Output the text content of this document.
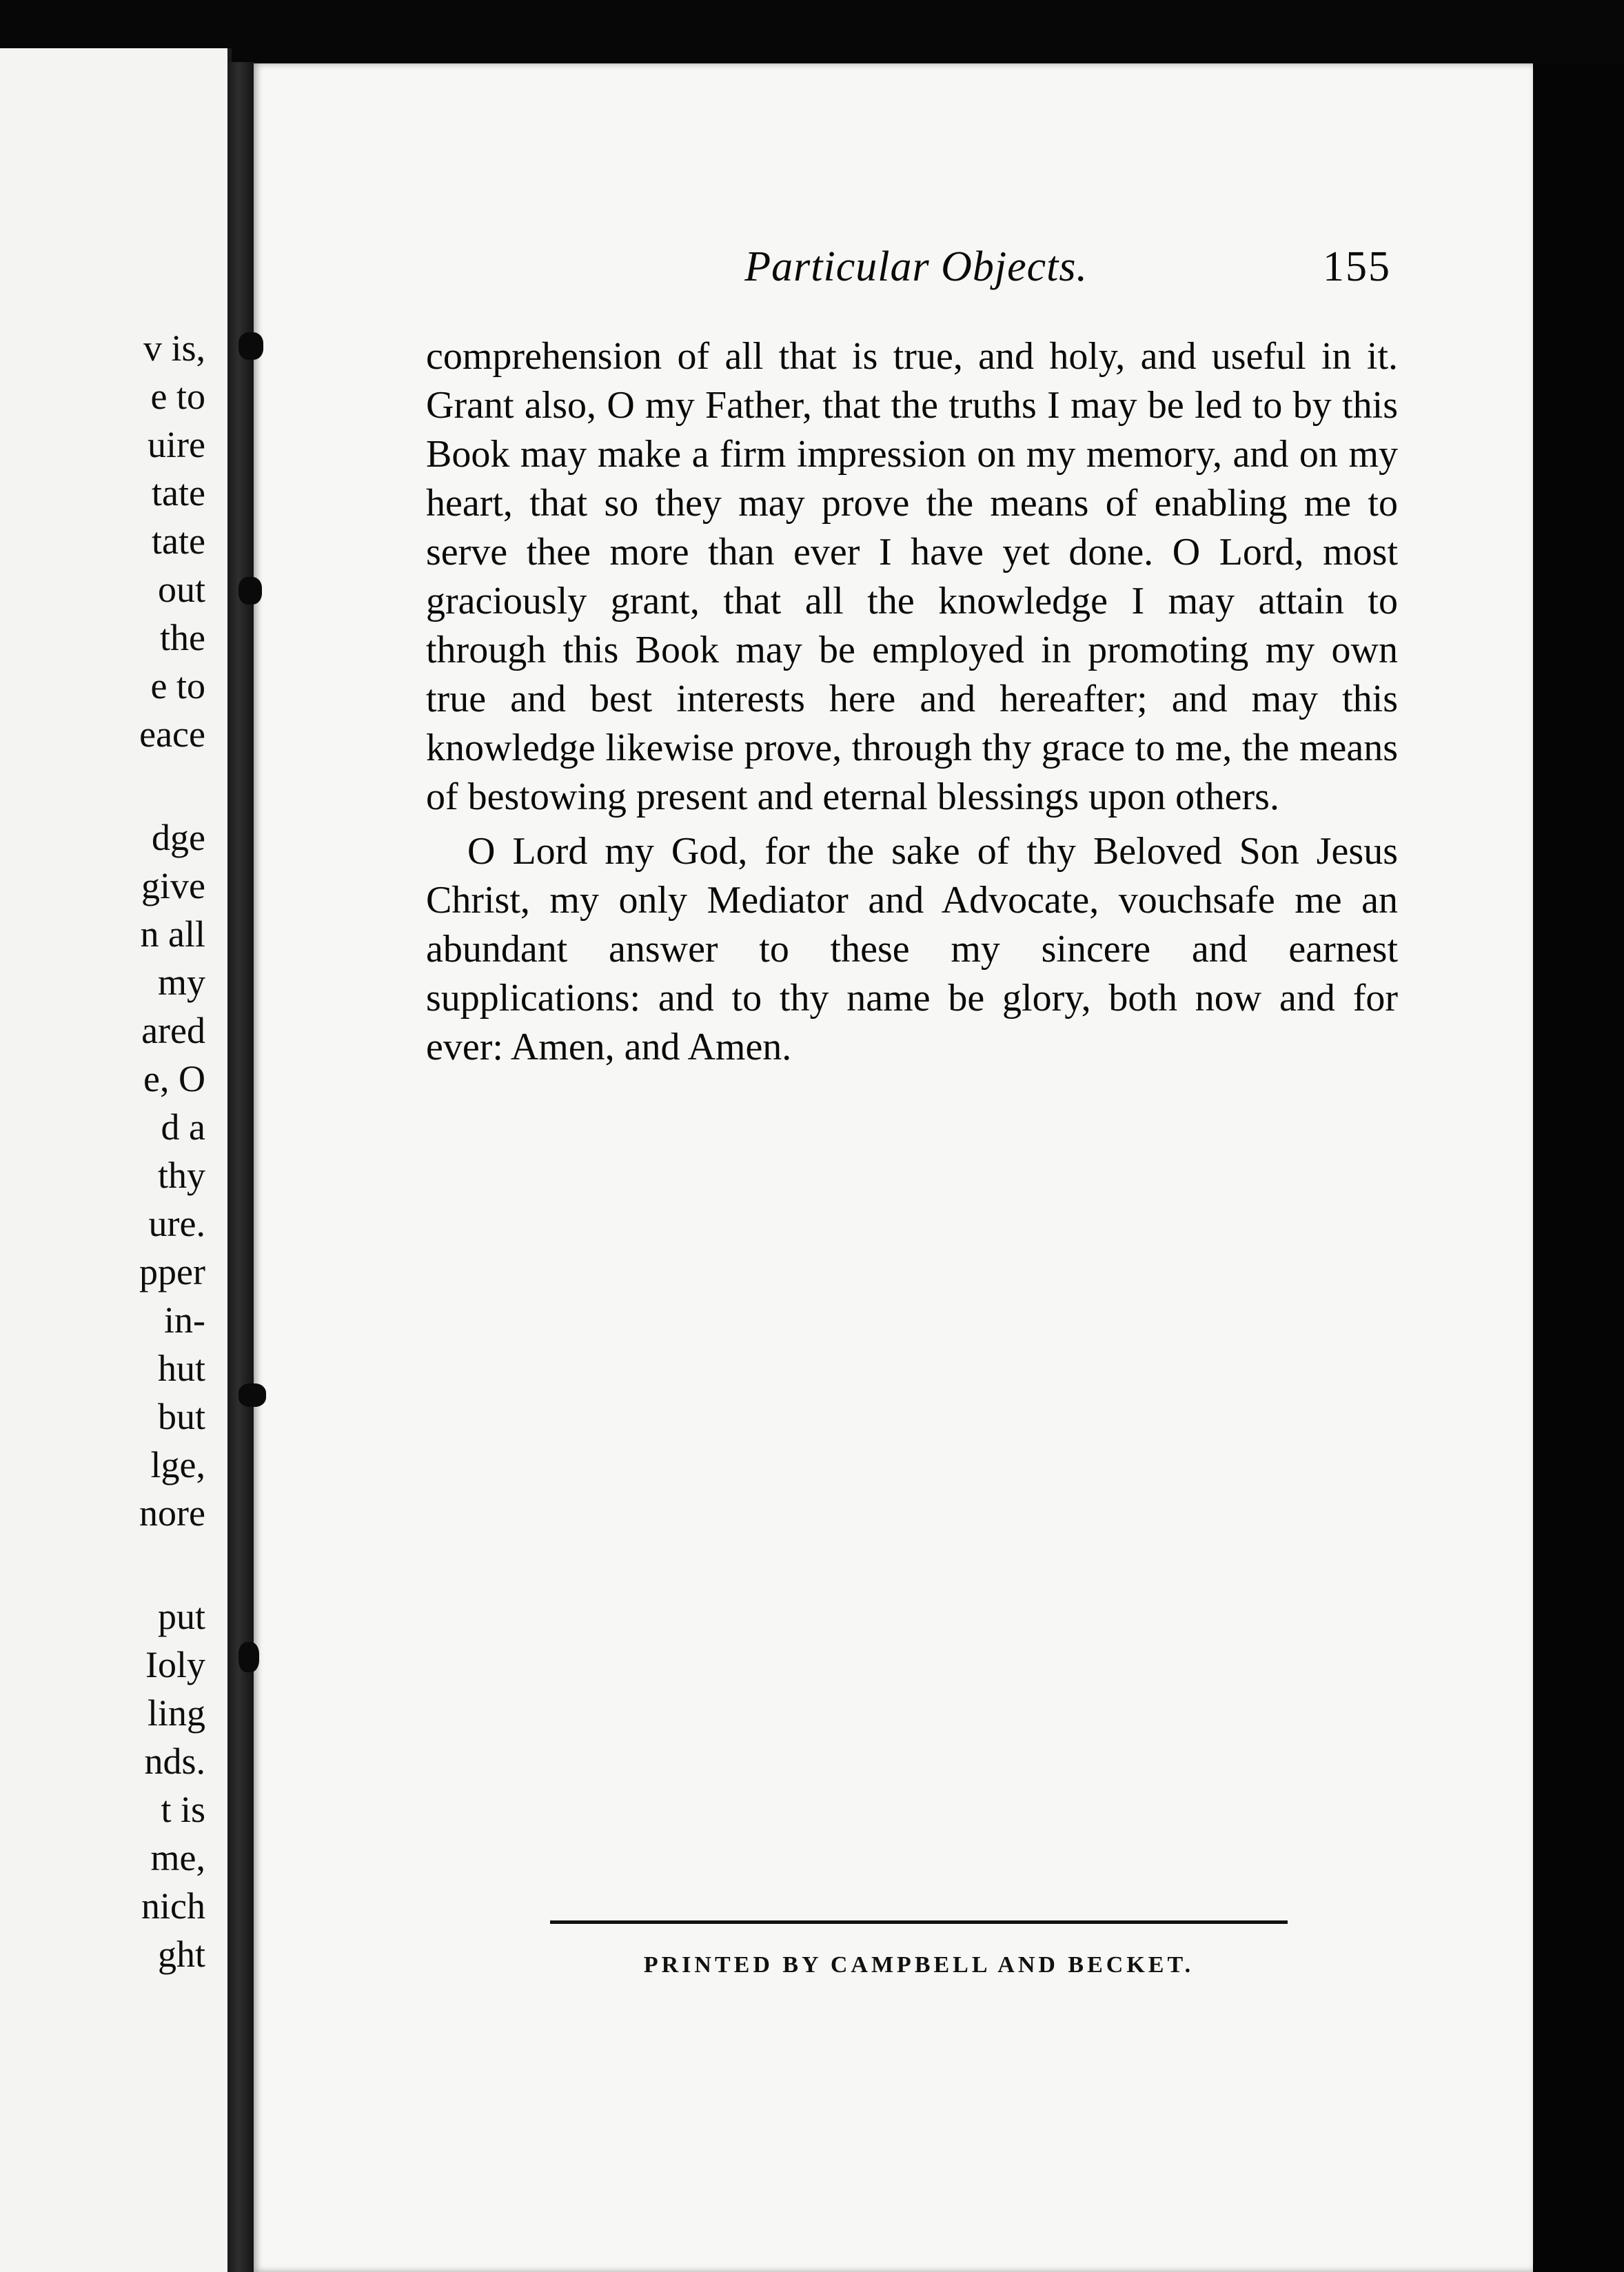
v is,
e to
uire
tate
tate
out
the
e to
eace
dge
give
n all
my
ared
e, O
d a
thy
ure.
pper
in-
hut
but
lge,
nore
put
Ioly
ling
nds.
t is
me,
nich
ght
Particular Objects.	155

comprehension of all that is true, and holy, and useful in it. Grant also, O my Father, that the truths I may be led to by this Book may make a firm impression on my memory, and on my heart, that so they may prove the means of enabling me to serve thee more than ever I have yet done. O Lord, most graciously grant, that all the knowledge I may attain to through this Book may be employed in promoting my own true and best interests here and hereafter; and may this knowledge likewise prove, through thy grace to me, the means of bestowing present and eternal blessings upon others.

O Lord my God, for the sake of thy Beloved Son Jesus Christ, my only Mediator and Advocate, vouchsafe me an abundant answer to these my sincere and earnest supplications: and to thy name be glory, both now and for ever: Amen, and Amen.

PRINTED BY CAMPBELL AND BECKET.
